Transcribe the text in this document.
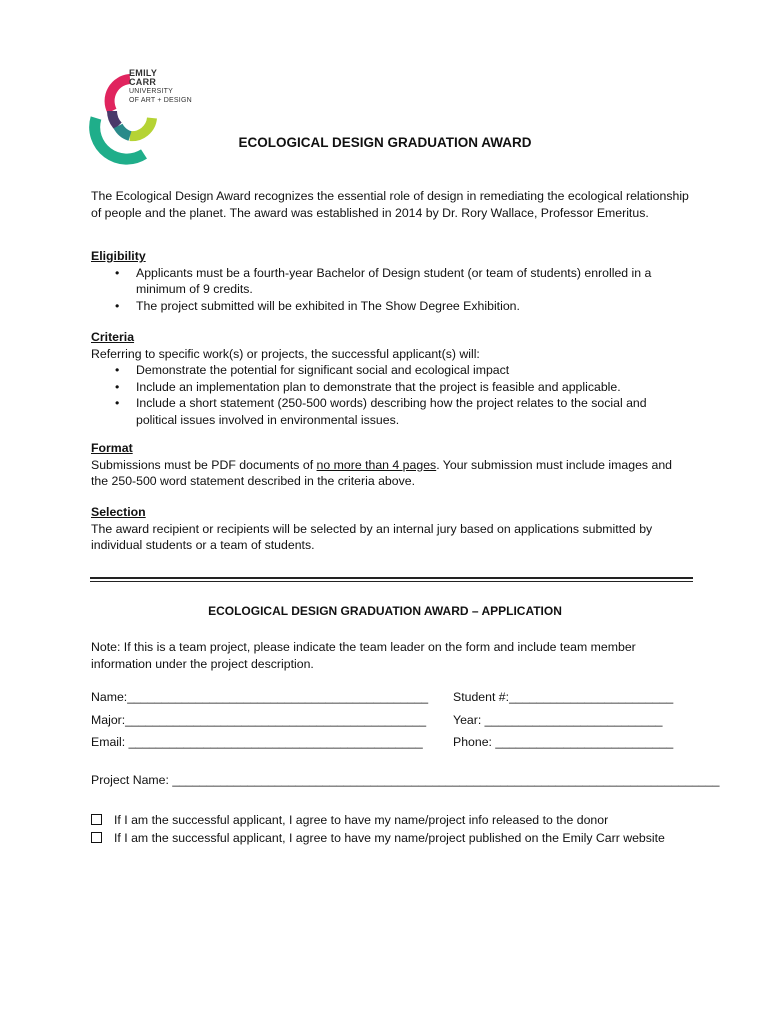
EMILY
CARR
UNIVERSITY
OF ART + DESIGN
ECOLOGICAL DESIGN GRADUATION AWARD
The Ecological Design Award recognizes the essential role of design in remediating the ecological relationship of people and the planet. The award was established in 2014 by Dr. Rory Wallace, Professor Emeritus.
Eligibility
• Applicants must be a fourth-year Bachelor of Design student (or team of students) enrolled in a minimum of 9 credits.
• The project submitted will be exhibited in The Show Degree Exhibition.
Criteria
Referring to specific work(s) or projects, the successful applicant(s) will:
• Demonstrate the potential for significant social and ecological impact
• Include an implementation plan to demonstrate that the project is feasible and applicable.
• Include a short statement (250-500 words) describing how the project relates to the social and political issues involved in environmental issues.
Format
Submissions must be PDF documents of no more than 4 pages. Your submission must include images and the 250-500 word statement described in the criteria above.
Selection
The award recipient or recipients will be selected by an internal jury based on applications submitted by individual students or a team of students.
ECOLOGICAL DESIGN GRADUATION AWARD – APPLICATION
Note: If this is a team project, please indicate the team leader on the form and include team member information under the project description.
Name:____________________________________________ Student #:________________________
Major:____________________________________________ Year: __________________________
Email: ___________________________________________ Phone: __________________________
Project Name: ________________________________________________________________________________
If I am the successful applicant, I agree to have my name/project info released to the donor
If I am the successful applicant, I agree to have my name/project published on the Emily Carr website
